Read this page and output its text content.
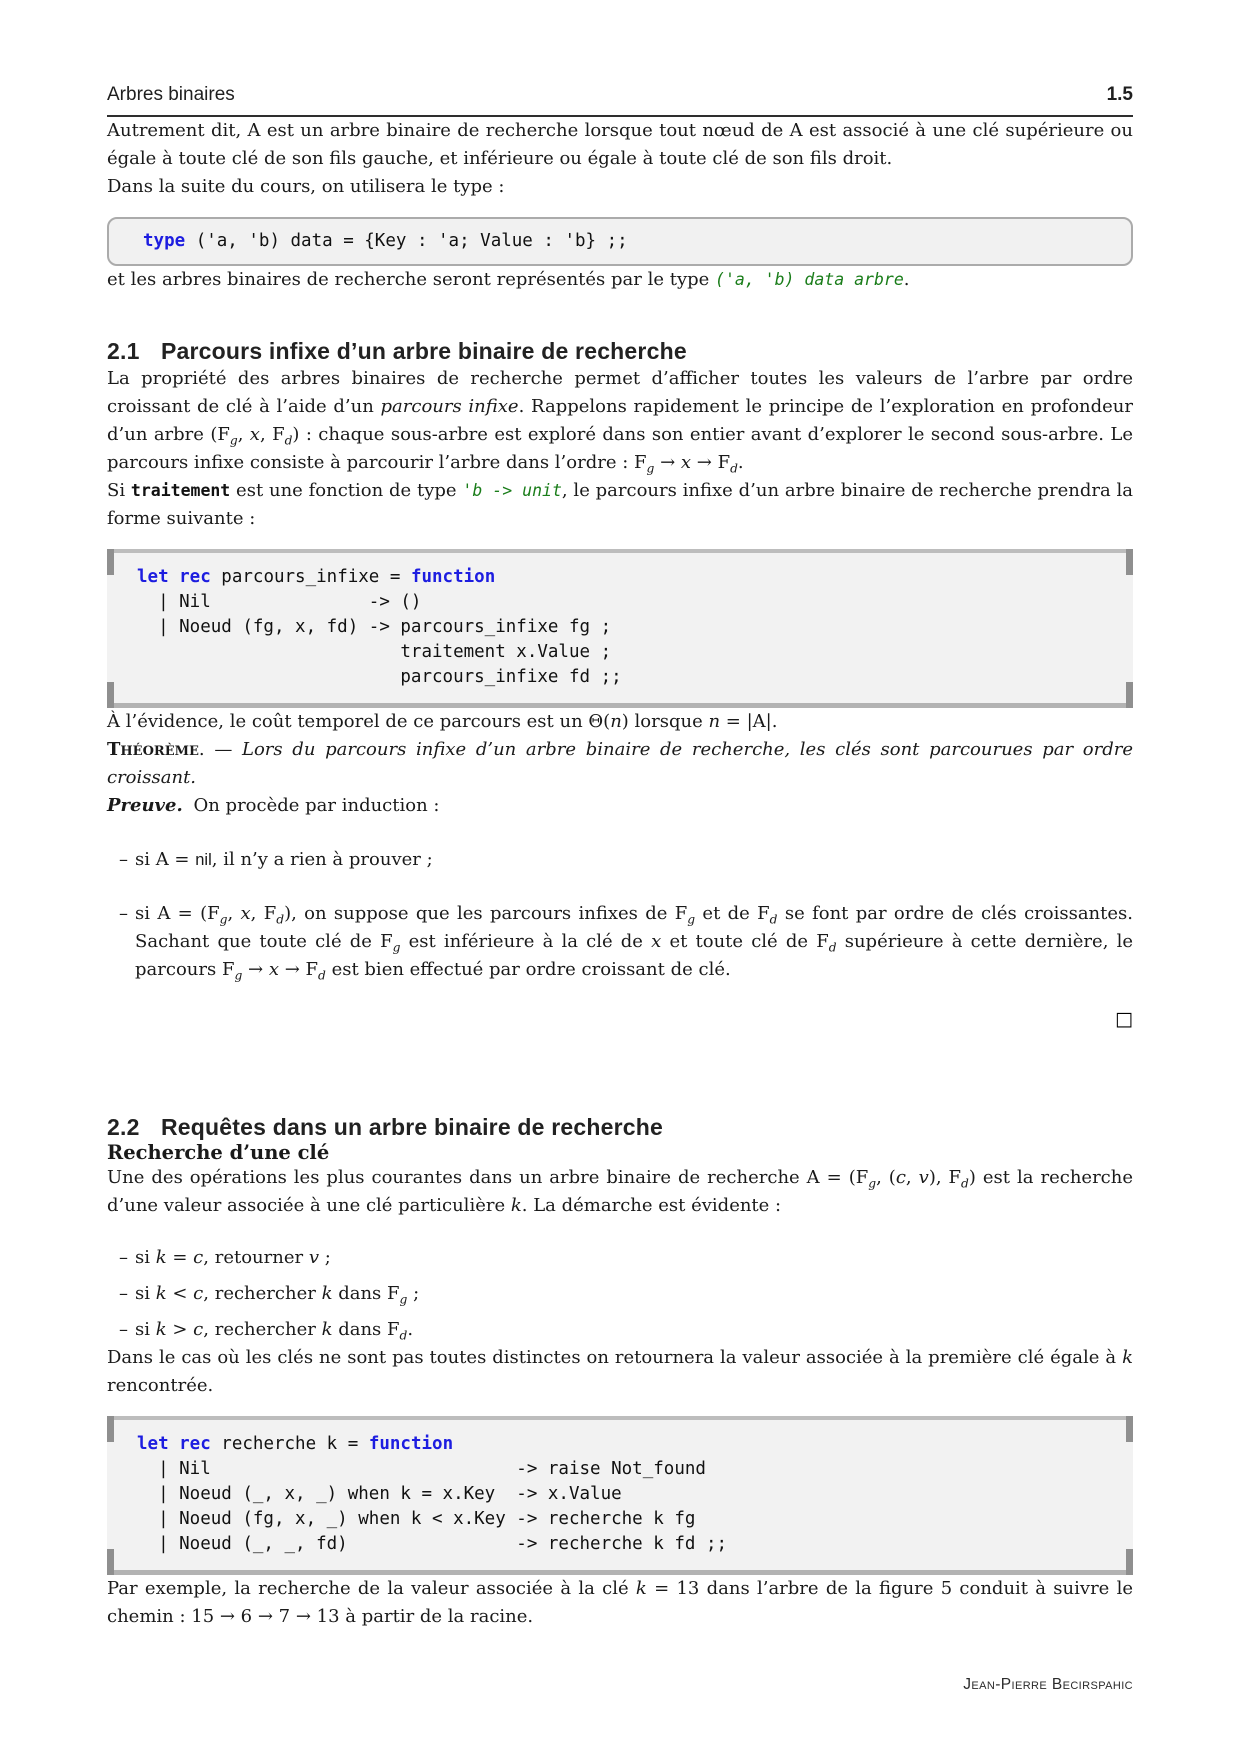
Arbres binaires	1.5

Autrement dit, A est un arbre binaire de recherche lorsque tout nœud de A est associé à une clé supérieure ou égale à toute clé de son fils gauche, et inférieure ou égale à toute clé de son fils droit.

Dans la suite du cours, on utilisera le type :

type ('a, 'b) data = {Key : 'a; Value : 'b} ;;

et les arbres binaires de recherche seront représentés par le type ('a, 'b) data arbre.

2.1 Parcours infixe d’un arbre binaire de recherche

La propriété des arbres binaires de recherche permet d’afficher toutes les valeurs de l’arbre par ordre croissant de clé à l’aide d’un parcours infixe. Rappelons rapidement le principe de l’exploration en profondeur d’un arbre ($F_g$, x, $F_d$) : chaque sous-arbre est exploré dans son entier avant d’explorer le second sous-arbre. Le parcours infixe consiste à parcourir l’arbre dans l’ordre : $F_g \to x \to F_d$.

Si traitement est une fonction de type 'b -> unit, le parcours infixe d’un arbre binaire de recherche prendra la forme suivante :

let rec parcours_infixe = function
| Nil               -> ()
| Noeud (fg, x, fd) -> parcours_infixe fg ;
traitement x.Value ;
parcours_infixe fd ;;

À l’évidence, le coût temporel de ce parcours est un Θ(n) lorsque n = |A|.

Théorème. — Lors du parcours infixe d’un arbre binaire de recherche, les clés sont parcourues par ordre croissant.

Preuve. On procède par induction :

– si A = nil, il n’y a rien à prouver ;
– si $A = (F_g$, x, $F_d$), on suppose que les parcours infixes de $F_g$ et de $F_d$ se font par ordre de clés croissantes. Sachant que toute clé de $F_g$ est inférieure à la clé de x et toute clé de $F_d$ supérieure à cette dernière, le parcours $F_g \to x \to F_d$ est bien effectué par ordre croissant de clé.
□
2.2 Requêtes dans un arbre binaire de recherche

Recherche d’une clé

Une des opérations les plus courantes dans un arbre binaire de recherche $A = (F_g$, (c, v), $F_d$) est la recherche d’une valeur associée à une clé particulière k. La démarche est évidente :

– si k = c, retourner v ;
– si k < c, rechercher k dans $F_g$ ;
– si k > c, rechercher k dans $F_d$.

Dans le cas où les clés ne sont pas toutes distinctes on retournera la valeur associée à la première clé égale à k rencontrée.

let rec recherche k = function
| Nil                             -> raise Not_found
| Noeud (_, x, _) when k = x.Key  -> x.Value
| Noeud (fg, x, _) when k < x.Key -> recherche k fg
| Noeud (_, _, fd)                -> recherche k fd ;;

Par exemple, la recherche de la valeur associée à la clé k = 13 dans l’arbre de la figure 5 conduit à suivre le chemin : 15 → 6 → 7 → 13 à partir de la racine.

Jean-Pierre Becirspahic
